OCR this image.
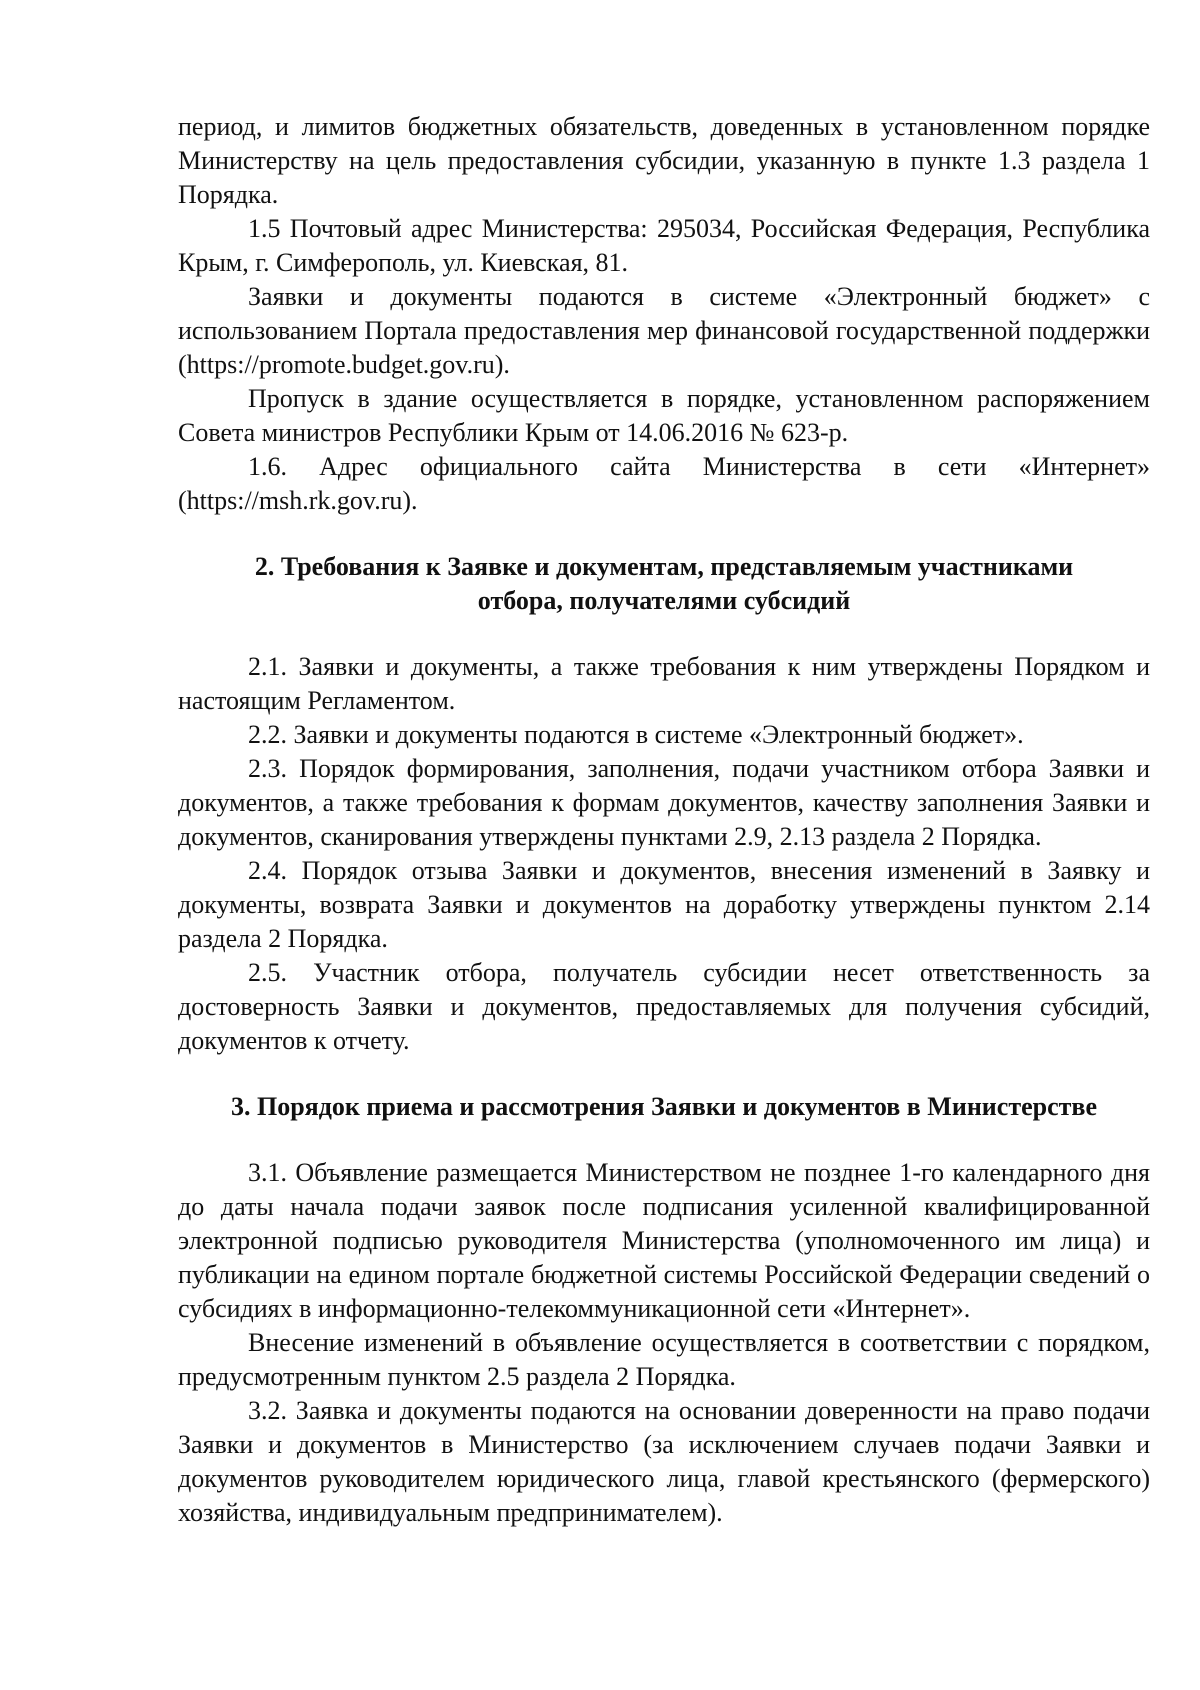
период, и лимитов бюджетных обязательств, доведенных в установленном порядке Министерству на цель предоставления субсидии, указанную в пункте 1.3 раздела 1 Порядка.

1.5 Почтовый адрес Министерства: 295034, Российская Федерация, Республика Крым, г. Симферополь, ул. Киевская, 81.

Заявки и документы подаются в системе «Электронный бюджет» с использованием Портала предоставления мер финансовой государственной поддержки (https://promote.budget.gov.ru).

Пропуск в здание осуществляется в порядке, установленном распоряжением Совета министров Республики Крым от 14.06.2016 № 623-р.

1.6. Адрес официального сайта Министерства в сети «Интернет» (https://msh.rk.gov.ru).

2. Требования к Заявке и документам, представляемым участниками

отбора, получателями субсидий

2.1. Заявки и документы, а также требования к ним утверждены Порядком и настоящим Регламентом.

2.2. Заявки и документы подаются в системе «Электронный бюджет».

2.3. Порядок формирования, заполнения, подачи участником отбора Заявки и документов, а также требования к формам документов, качеству заполнения Заявки и документов, сканирования утверждены пунктами 2.9, 2.13 раздела 2 Порядка.

2.4. Порядок отзыва Заявки и документов, внесения изменений в Заявку и документы, возврата Заявки и документов на доработку утверждены пунктом 2.14 раздела 2 Порядка.

2.5. Участник отбора, получатель субсидии несет ответственность за достоверность Заявки и документов, предоставляемых для получения субсидий, документов к отчету.

3. Порядок приема и рассмотрения Заявки и документов в Министерстве

3.1. Объявление размещается Министерством не позднее 1-го календарного дня до даты начала подачи заявок после подписания усиленной квалифицированной электронной подписью руководителя Министерства (уполномоченного им лица) и публикации на едином портале бюджетной системы Российской Федерации сведений о субсидиях в информационно-телекоммуникационной сети «Интернет».

Внесение изменений в объявление осуществляется в соответствии с порядком, предусмотренным пунктом 2.5 раздела 2 Порядка.

3.2. Заявка и документы подаются на основании доверенности на право подачи Заявки и документов в Министерство (за исключением случаев подачи Заявки и документов руководителем юридического лица, главой крестьянского (фермерского) хозяйства, индивидуальным предпринимателем).
